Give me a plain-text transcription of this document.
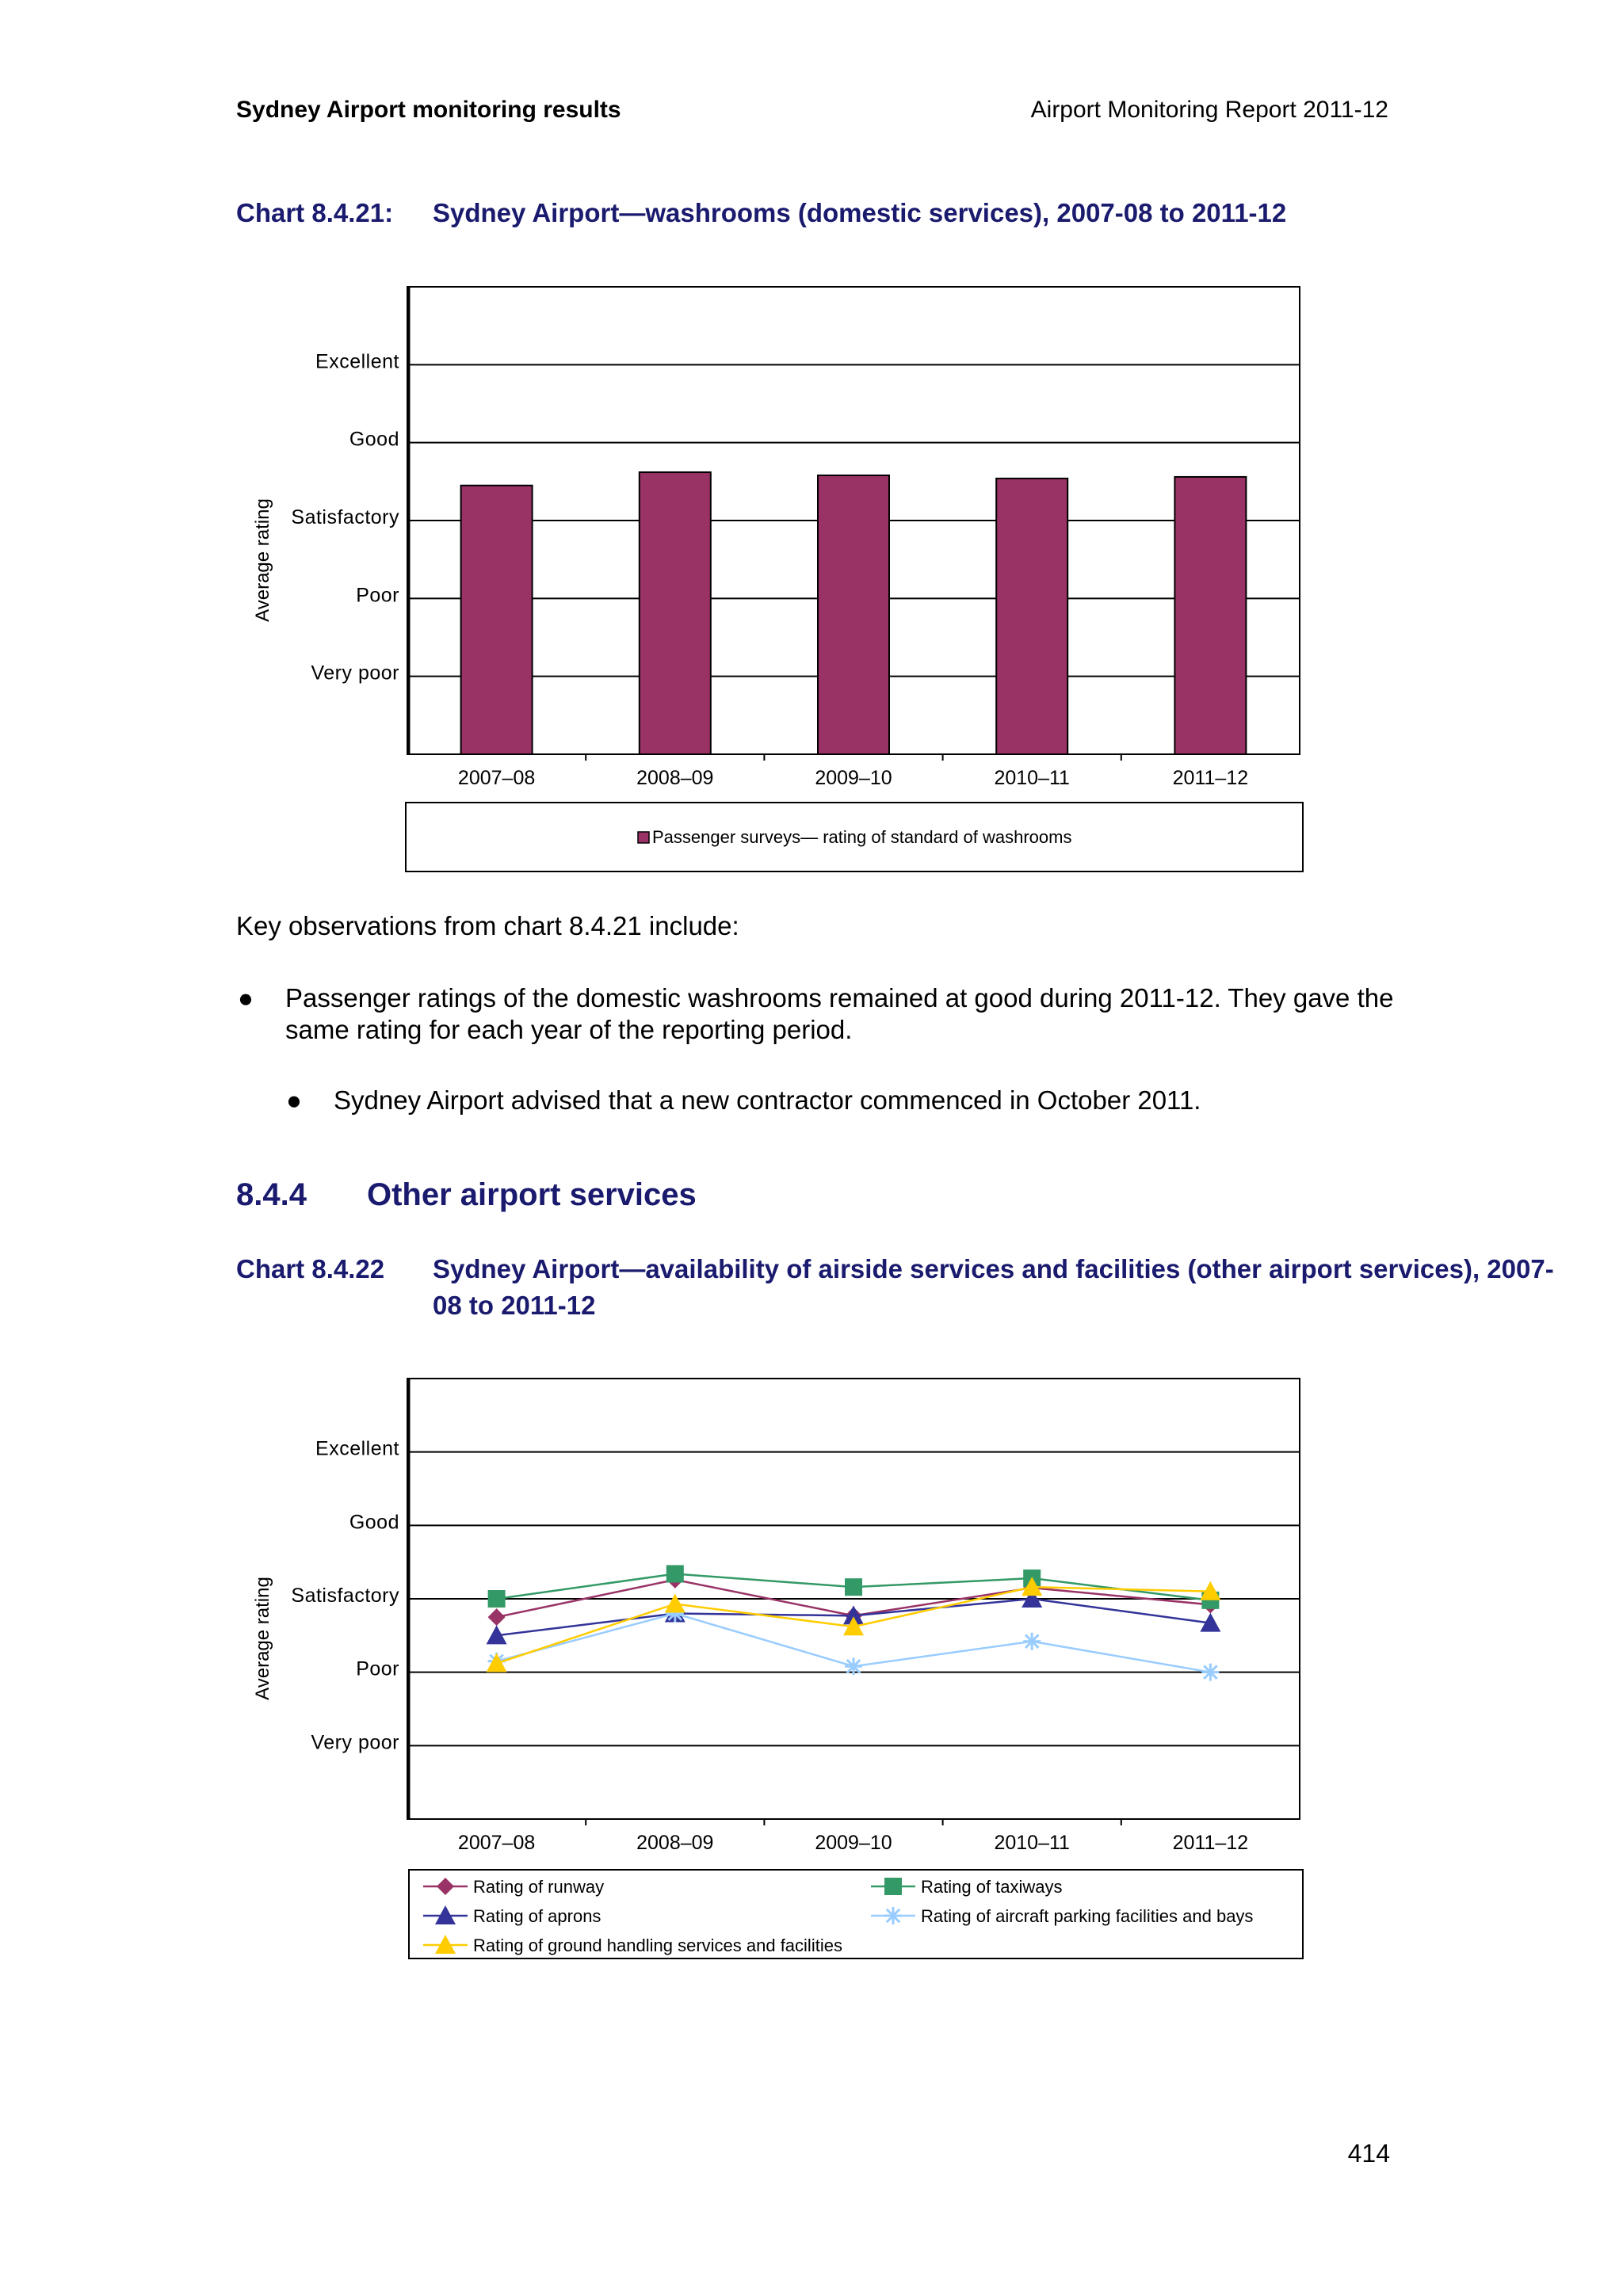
Sydney Airport monitoring results	Airport Monitoring Report 2011-12
Chart 8.4.21: Sydney Airport—washrooms (domestic services), 2007-08 to 2011-12
Very poor
Poor
Satisfactory
Good
Excellent
Average rating
2007–08	2008–09	2009–10	2010–11	2011–12
Passenger surveys— rating of standard of washrooms
Key observations from chart 8.4.21 include:
● Passenger ratings of the domestic washrooms remained at good during 2011-12. They gave the same rating for each year of the reporting period.
● Sydney Airport advised that a new contractor commenced in October 2011.
8.4.4 Other airport services
Chart 8.4.22 Sydney Airport—availability of airside services and facilities (other airport services), 2007-08 to 2011-12
Very poor
Poor
Satisfactory
Good
Excellent
Average rating
2007–08	2008–09	2009–10	2010–11	2011–12
Rating of runway	Rating of taxiways
Rating of aprons	Rating of aircraft parking facilities and bays
Rating of ground handling services and facilities
414
